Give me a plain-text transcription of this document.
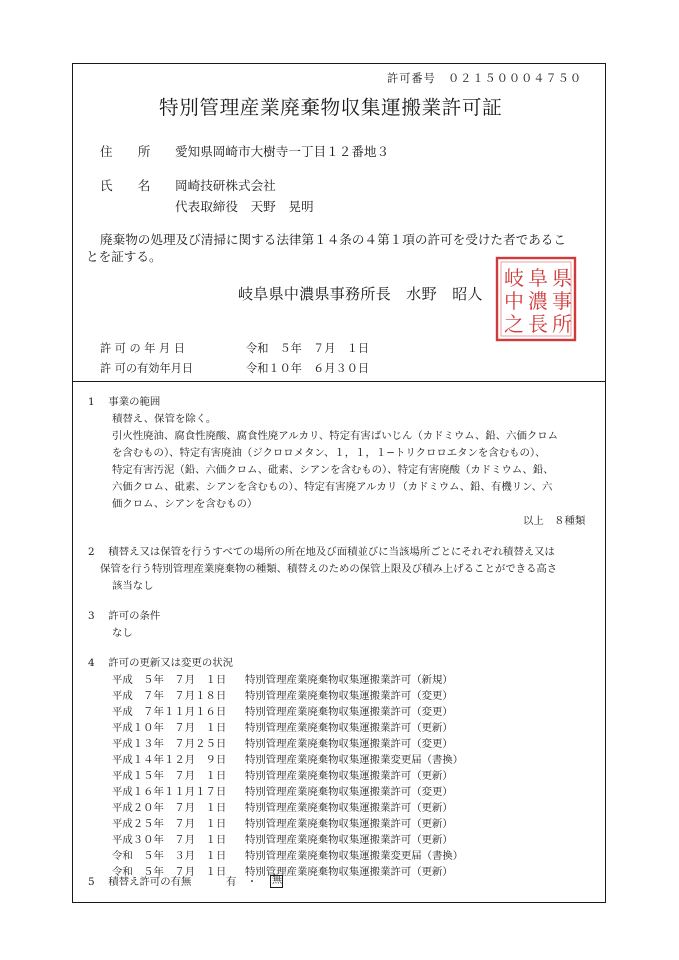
許可番号　０２１５０００４７５０
特別管理産業廃棄物収集運搬業許可証
住　　所 愛知県岡崎市大樹寺一丁目１２番地３
氏　　名 岡崎技研株式会社
代表取締役　天野　晃明
廃棄物の処理及び清掃に関する法律第１４条の４第１項の許可を受けた者であるこ
とを証する。
岐阜県中濃県事務所長　水野　昭人
県
事
所
阜
濃
長
岐
中
之
許 可 の 年 月 日	令和　５年　７月　１日
許 可の有効年月日	令和１０年　６月３０日
1　 事業の範囲
積替え、保管を除く。
引火性廃油、腐食性廃酸、腐食性廃アルカリ、特定有害ばいじん（カドミウム、鉛、六価クロム
を含むもの）、特定有害廃油（ジクロロメタン、１，１，１−トリクロロエタンを含むもの）、
特定有害汚泥（鉛、六価クロム、砒素、シアンを含むもの）、特定有害廃酸（カドミウム、鉛、
六価クロム、砒素、シアンを含むもの）、特定有害廃アルカリ（カドミウム、鉛、有機リン、六
価クロム、シアンを含むもの）
以上　８種類
2　 積替え又は保管を行うすべての場所の所在地及び面積並びに当該場所ごとにそれぞれ積替え又は
保管を行う特別管理産業廃棄物の種類、積替えのための保管上限及び積み上げることができる高さ
該当なし
3　 許可の条件
なし
4　 許可の更新又は変更の状況
平成　５年　７月　１日 特別管理産業廃棄物収集運搬業許可（新規）
平成　７年　７月１８日 特別管理産業廃棄物収集運搬業許可（変更）
平成　７年１１月１６日 特別管理産業廃棄物収集運搬業許可（変更）
平成１０年　７月　１日 特別管理産業廃棄物収集運搬業許可（更新）
平成１３年　７月２５日 特別管理産業廃棄物収集運搬業許可（変更）
平成１４年１２月　９日 特別管理産業廃棄物収集運搬業変更届（書換）
平成１５年　７月　１日 特別管理産業廃棄物収集運搬業許可（更新）
平成１６年１１月１７日 特別管理産業廃棄物収集運搬業許可（変更）
平成２０年　７月　１日 特別管理産業廃棄物収集運搬業許可（更新）
平成２５年　７月　１日 特別管理産業廃棄物収集運搬業許可（更新）
平成３０年　７月　１日 特別管理産業廃棄物収集運搬業許可（更新）
令和　５年　３月　１日 特別管理産業廃棄物収集運搬業変更届（書換）
令和　５年　７月　１日 特別管理産業廃棄物収集運搬業許可（更新）
5　 積替え許可の有無	有　・ 無
